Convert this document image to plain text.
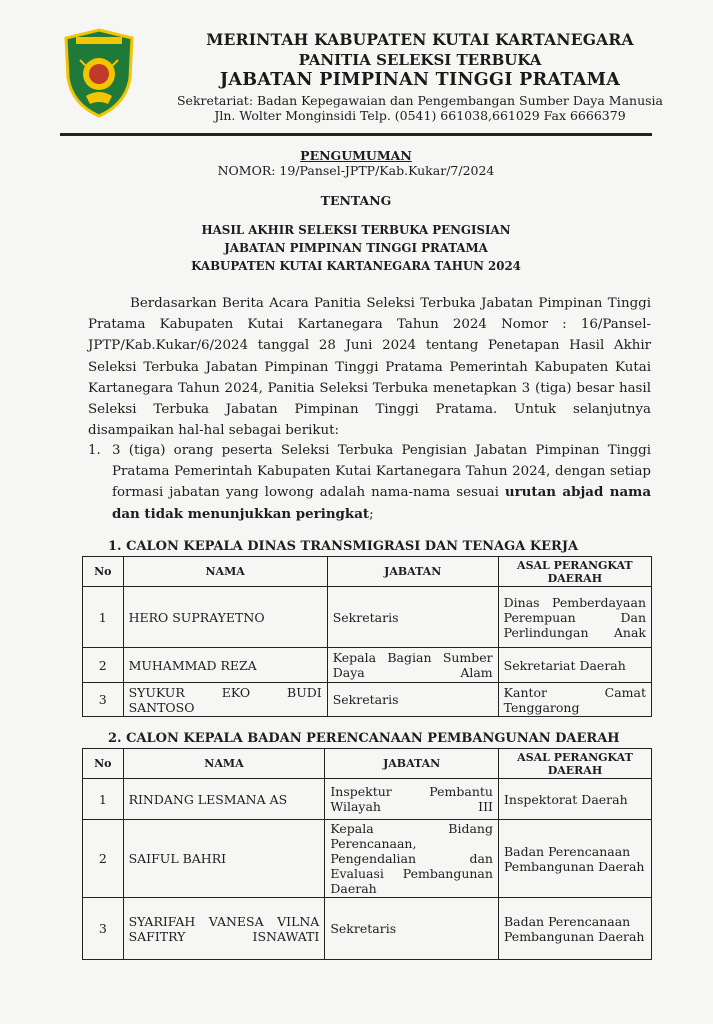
MERINTAH KABUPATEN KUTAI KARTANEGARA
PANITIA SELEKSI TERBUKA
JABATAN PIMPINAN TINGGI PRATAMA
Sekretariat: Badan Kepegawaian dan Pengembangan Sumber Daya Manusia
Jln. Wolter Monginsidi Telp. (0541) 661038,661029 Fax 6666379
PENGUMUMAN
NOMOR: 19/Pansel-JPTP/Kab.Kukar/7/2024
TENTANG
HASIL AKHIR SELEKSI TERBUKA PENGISIAN
JABATAN PIMPINAN TINGGI PRATAMA
KABUPATEN KUTAI KARTANEGARA TAHUN 2024
Berdasarkan Berita Acara Panitia Seleksi Terbuka Jabatan Pimpinan Tinggi Pratama Kabupaten Kutai Kartanegara Tahun 2024 Nomor : 16/Pansel-JPTP/Kab.Kukar/6/2024 tanggal 28 Juni 2024 tentang Penetapan Hasil Akhir Seleksi Terbuka Jabatan Pimpinan Tinggi Pratama Pemerintah Kabupaten Kutai Kartanegara Tahun 2024, Panitia Seleksi Terbuka menetapkan 3 (tiga) besar hasil Seleksi Terbuka Jabatan Pimpinan Tinggi Pratama. Untuk selanjutnya disampaikan hal-hal sebagai berikut:
1. 3 (tiga) orang peserta Seleksi Terbuka Pengisian Jabatan Pimpinan Tinggi Pratama Pemerintah Kabupaten Kutai Kartanegara Tahun 2024, dengan setiap formasi jabatan yang lowong adalah nama-nama sesuai urutan abjad nama dan tidak menunjukkan peringkat;
1. CALON KEPALA DINAS TRANSMIGRASI DAN TENAGA KERJA
No	NAMA	JABATAN	ASAL PERANGKAT DAERAH
1	HERO SUPRAYETNO	Sekretaris	Dinas Pemberdayaan Perempuan Dan Perlindungan Anak
2	MUHAMMAD REZA	Kepala Bagian Sumber Daya Alam	Sekretariat Daerah
3	SYUKUR EKO BUDI SANTOSO	Sekretaris	Kantor Camat Tenggarong
2. CALON KEPALA BADAN PERENCANAAN PEMBANGUNAN DAERAH
No	NAMA	JABATAN	ASAL PERANGKAT DAERAH
1	RINDANG LESMANA AS	Inspektur Pembantu Wilayah III	Inspektorat Daerah
2	SAIFUL BAHRI	Kepala Bidang Perencanaan, Pengendalian dan Evaluasi Pembangunan Daerah	Badan Perencanaan Pembangunan Daerah
3	SYARIFAH VANESA VILNA SAFITRY ISNAWATI	Sekretaris	Badan Perencanaan Pembangunan Daerah
